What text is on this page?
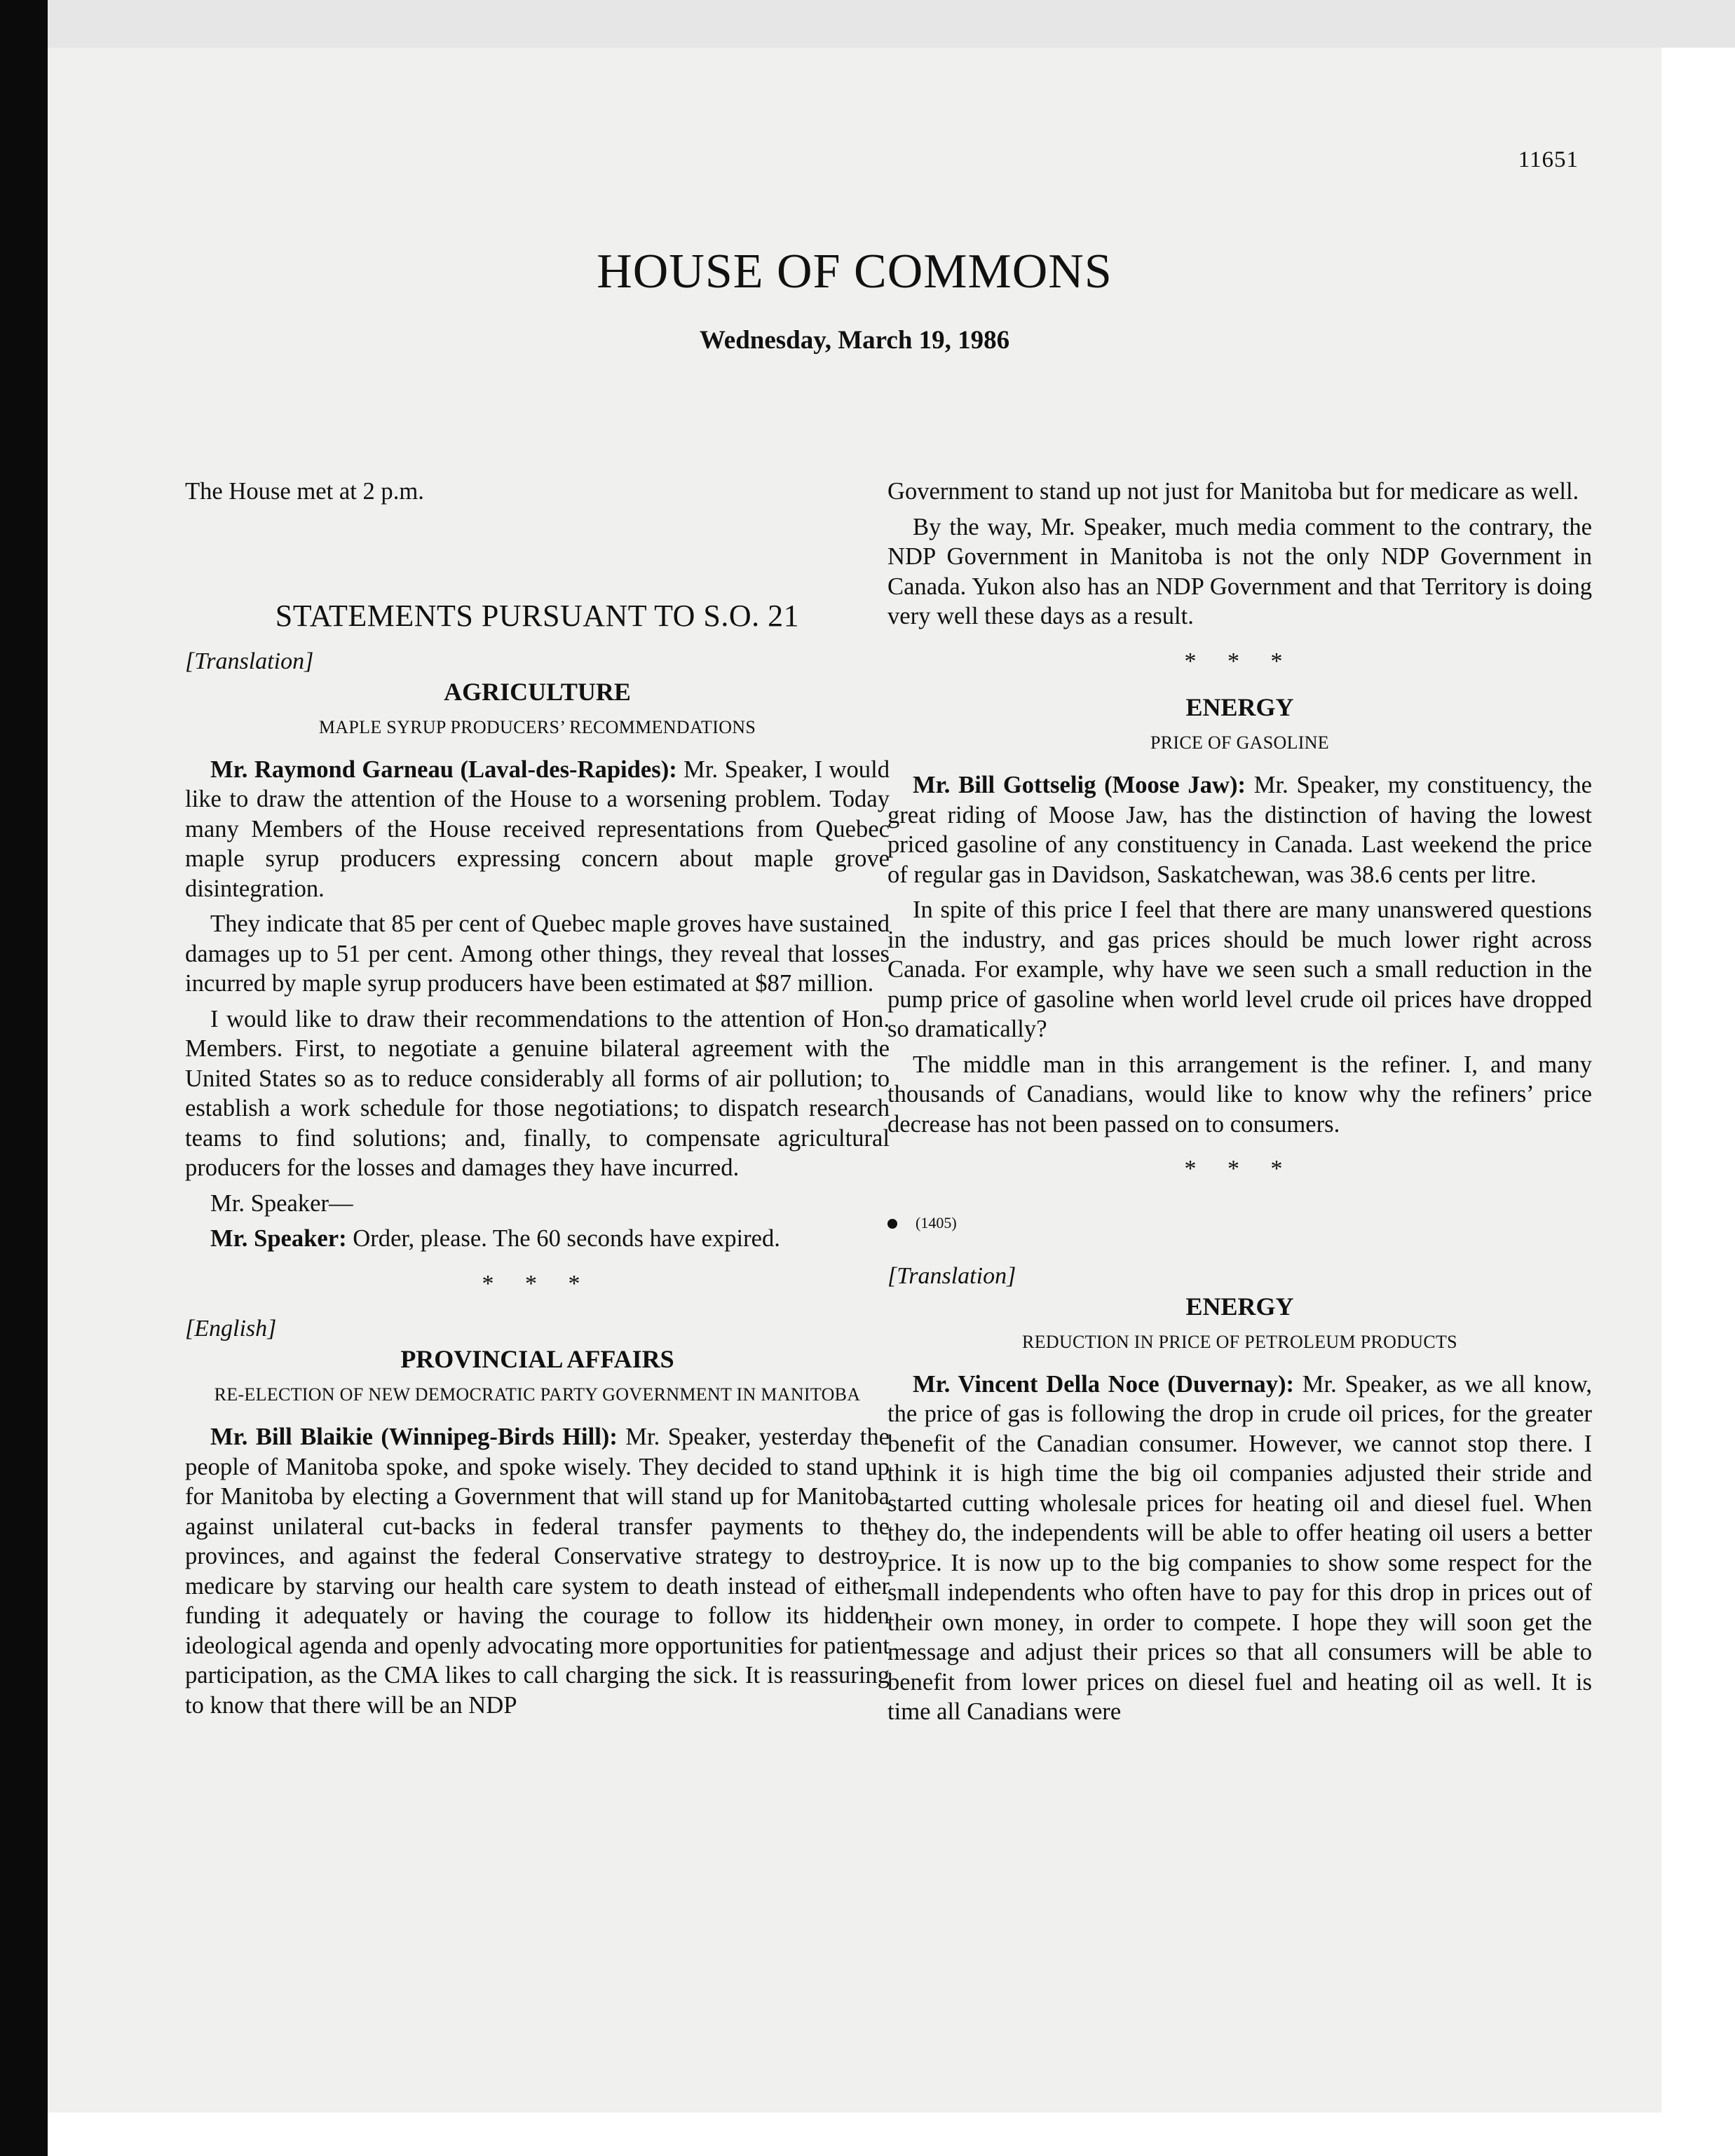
11651
HOUSE OF COMMONS
Wednesday, March 19, 1986

The House met at 2 p.m.

STATEMENTS PURSUANT TO S.O. 21
[Translation]
AGRICULTURE
MAPLE SYRUP PRODUCERS’ RECOMMENDATIONS

Mr. Raymond Garneau (Laval-des-Rapides): Mr. Speaker, I would like to draw the attention of the House to a worsening problem. Today many Members of the House received representations from Quebec maple syrup producers expressing concern about maple grove disintegration.

They indicate that 85 per cent of Quebec maple groves have sustained damages up to 51 per cent. Among other things, they reveal that losses incurred by maple syrup producers have been estimated at $87 million.

I would like to draw their recommendations to the attention of Hon. Members. First, to negotiate a genuine bilateral agreement with the United States so as to reduce considerably all forms of air pollution; to establish a work schedule for those negotiations; to dispatch research teams to find solutions; and, finally, to compensate agricultural producers for the losses and damages they have incurred.

Mr. Speaker—

Mr. Speaker: Order, please. The 60 seconds have expired.

* * *
[English]
PROVINCIAL AFFAIRS
RE-ELECTION OF NEW DEMOCRATIC PARTY GOVERNMENT IN MANITOBA

Mr. Bill Blaikie (Winnipeg-Birds Hill): Mr. Speaker, yesterday the people of Manitoba spoke, and spoke wisely. They decided to stand up for Manitoba by electing a Government that will stand up for Manitoba against unilateral cut-backs in federal transfer payments to the provinces, and against the federal Conservative strategy to destroy medicare by starving our health care system to death instead of either funding it adequately or having the courage to follow its hidden ideological agenda and openly advocating more opportunities for patient participation, as the CMA likes to call charging the sick. It is reassuring to know that there will be an NDP

Government to stand up not just for Manitoba but for medicare as well.

By the way, Mr. Speaker, much media comment to the contrary, the NDP Government in Manitoba is not the only NDP Government in Canada. Yukon also has an NDP Government and that Territory is doing very well these days as a result.

* * *
ENERGY
PRICE OF GASOLINE

Mr. Bill Gottselig (Moose Jaw): Mr. Speaker, my constituency, the great riding of Moose Jaw, has the distinction of having the lowest priced gasoline of any constituency in Canada. Last weekend the price of regular gas in Davidson, Saskatchewan, was 38.6 cents per litre.

In spite of this price I feel that there are many unanswered questions in the industry, and gas prices should be much lower right across Canada. For example, why have we seen such a small reduction in the pump price of gasoline when world level crude oil prices have dropped so dramatically?

The middle man in this arrangement is the refiner. I, and many thousands of Canadians, would like to know why the refiners’ price decrease has not been passed on to consumers.

* * *
(1405)
[Translation]
ENERGY
REDUCTION IN PRICE OF PETROLEUM PRODUCTS

Mr. Vincent Della Noce (Duvernay): Mr. Speaker, as we all know, the price of gas is following the drop in crude oil prices, for the greater benefit of the Canadian consumer. However, we cannot stop there. I think it is high time the big oil companies adjusted their stride and started cutting wholesale prices for heating oil and diesel fuel. When they do, the independents will be able to offer heating oil users a better price. It is now up to the big companies to show some respect for the small independents who often have to pay for this drop in prices out of their own money, in order to compete. I hope they will soon get the message and adjust their prices so that all consumers will be able to benefit from lower prices on diesel fuel and heating oil as well. It is time all Canadians were
